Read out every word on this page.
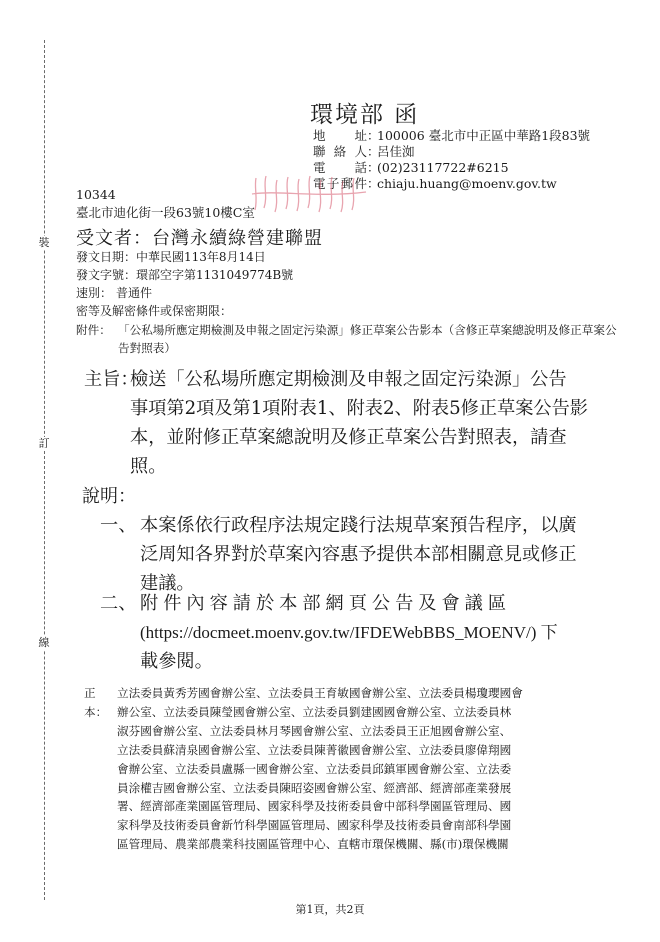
裝
訂
線
環境部 函
地址：100006 臺北市中正區中華路1段83號
聯絡人：呂佳洳
電話：(02)23117722#6215
電子郵件：chiaju.huang@moenv.gov.tw
10344
臺北市迪化街一段63號10樓C室
受文者：台灣永續綠營建聯盟
發文日期：中華民國113年8月14日
發文字號：環部空字第1131049774B號
速別： 普通件
密等及解密條件或保密期限：
附件： 「公私場所應定期檢測及申報之固定污染源」修正草案公告影本（含修正草案總說明及修正草案公告對照表）
主旨：
檢送「公私場所應定期檢測及申報之固定污染源」公告
事項第2項及第1項附表1、附表2、附表5修正草案公告影
本，並附修正草案總說明及修正草案公告對照表，請查
照。
說明：
一、 本案係依行政程序法規定踐行法規草案預告程序，以廣
泛周知各界對於草案內容惠予提供本部相關意見或修正
建議。
二、 附件內容請於本部網頁公告及會議區
(https://docmeet.moenv.gov.tw/IFDEWebBBS_MOENV/) 下
載參閱。
正本：
立法委員黃秀芳國會辦公室、立法委員王育敏國會辦公室、立法委員楊瓊瓔國會
辦公室、立法委員陳瑩國會辦公室、立法委員劉建國國會辦公室、立法委員林
淑芬國會辦公室、立法委員林月琴國會辦公室、立法委員王正旭國會辦公室、
立法委員蘇清泉國會辦公室、立法委員陳菁徽國會辦公室、立法委員廖偉翔國
會辦公室、立法委員盧縣一國會辦公室、立法委員邱鎮軍國會辦公室、立法委
員涂權吉國會辦公室、立法委員陳昭姿國會辦公室、經濟部、經濟部產業發展
署、經濟部產業園區管理局、國家科學及技術委員會中部科學園區管理局、國
家科學及技術委員會新竹科學園區管理局、國家科學及技術委員會南部科學園
區管理局、農業部農業科技園區管理中心、直轄市環保機關、縣(市)環保機關
第1頁，共2頁
